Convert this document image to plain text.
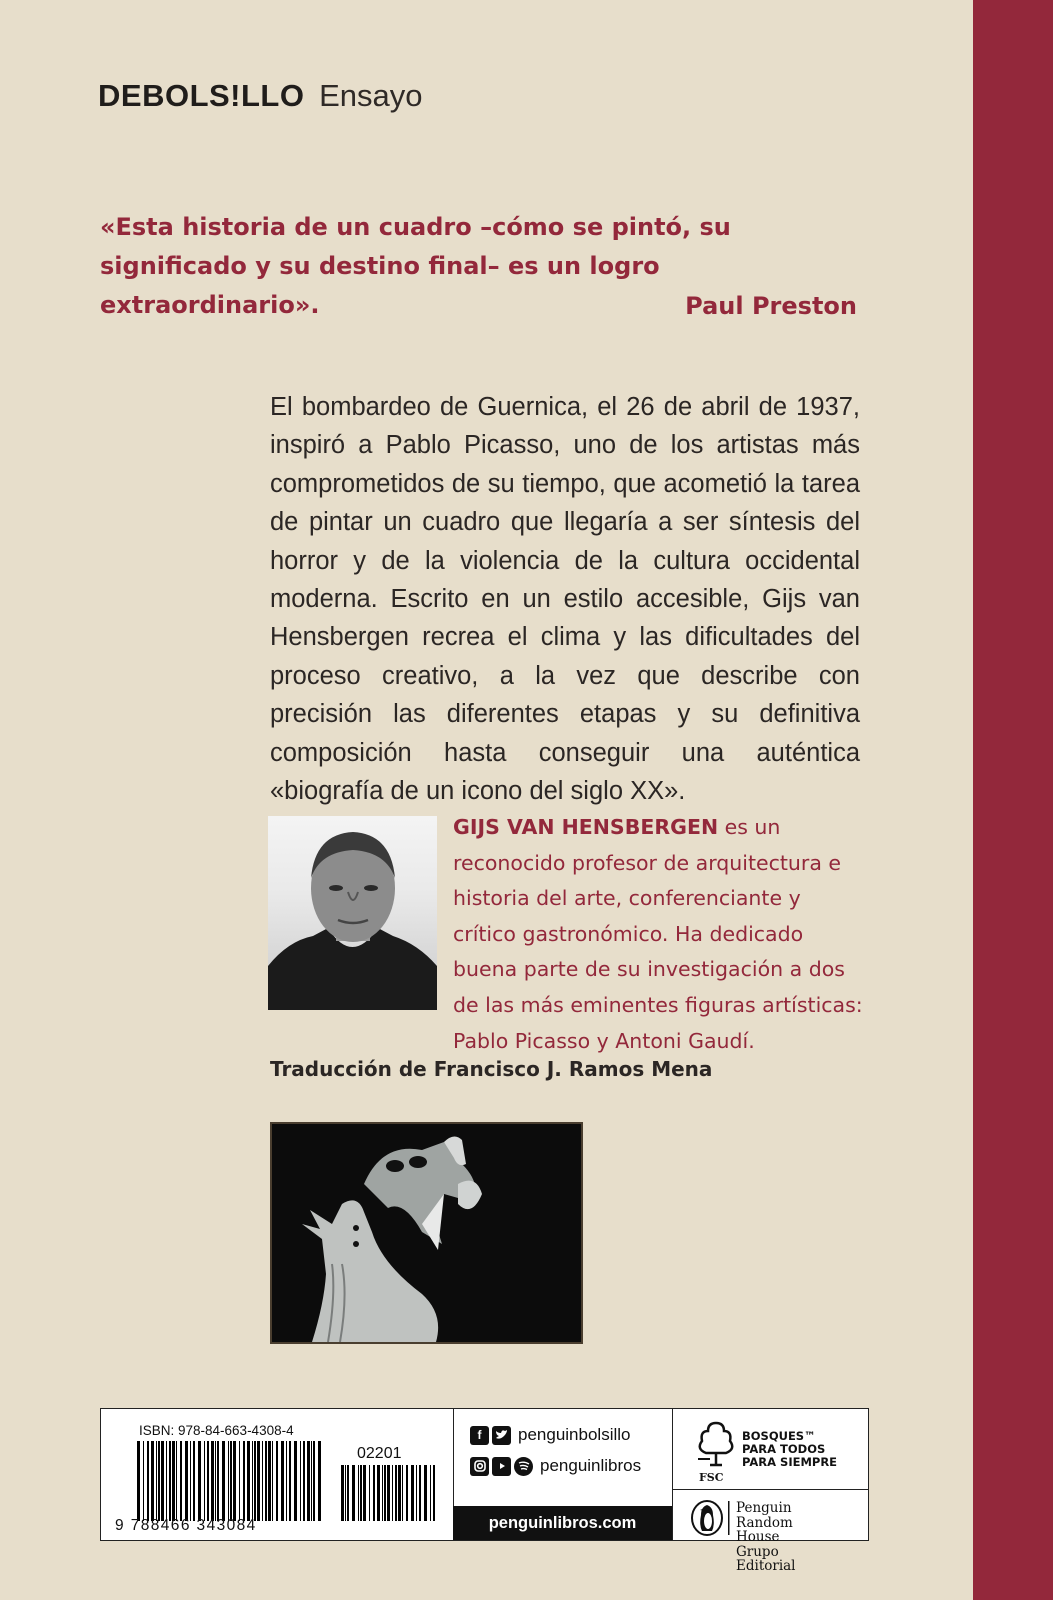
DEBOLS!LLO Ensayo
«Esta historia de un cuadro –cómo se pintó, su significado y su destino final– es un logro extraordinario».	Paul Preston
El bombardeo de Guernica, el 26 de abril de 1937, inspiró a Pablo Picasso, uno de los artistas más comprometidos de su tiempo, que acometió la tarea de pintar un cuadro que llegaría a ser síntesis del horror y de la violencia de la cultura occidental moderna. Escrito en un estilo accesible, Gijs van Hensbergen recrea el clima y las dificultades del proceso creativo, a la vez que describe con precisión las diferentes etapas y su definitiva composición hasta conseguir una auténtica «biografía de un icono del siglo XX».
GIJS VAN HENSBERGEN es un reconocido profesor de arquitectura e historia del arte, conferenciante y crítico gastronómico. Ha dedicado buena parte de su investigación a dos de las más eminentes figuras artísticas: Pablo Picasso y Antoni Gaudí.
Traducción de Francisco J. Ramos Mena
ISBN: 978-84-663-4308-4
02201
9 788466 343084
f	penguinbolsillo
penguinlibros
penguinlibros.com
FSC
BOSQUES™ PARA TODOS PARA SIEMPRE
Penguin Random House Grupo Editorial
